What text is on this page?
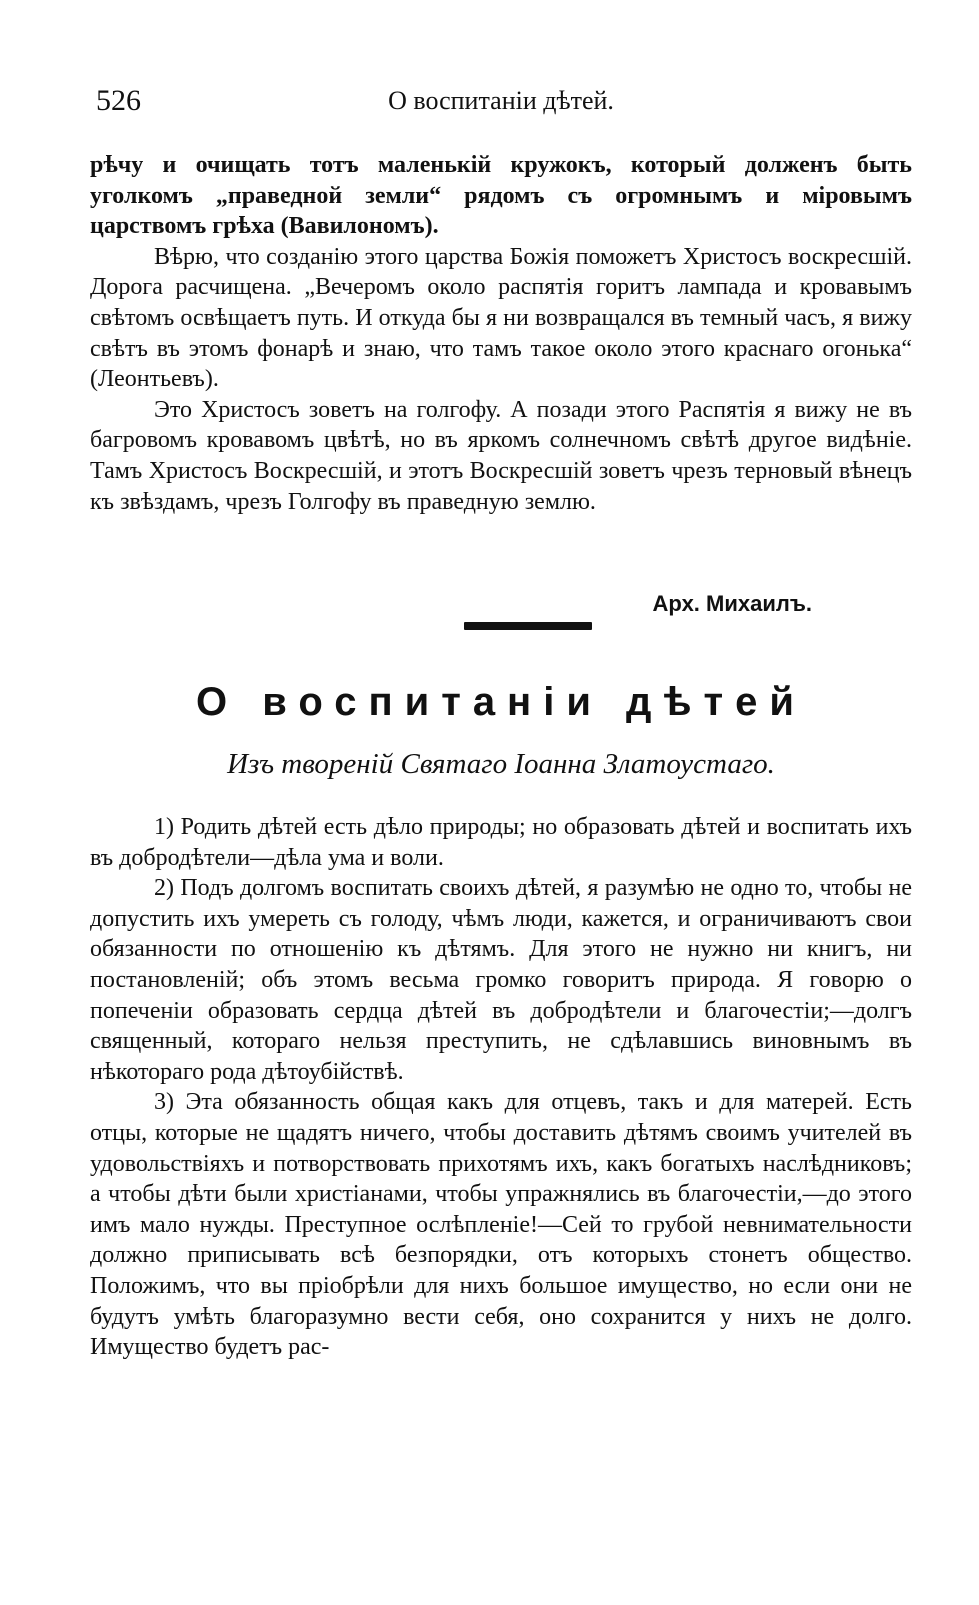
526	О воспитанiи дѣтей.

рѣчу и очищать тотъ маленькiй кружокъ, который долженъ быть уголкомъ „праведной земли“ рядомъ съ огромнымъ и мiровымъ царствомъ грѣха (Вавилономъ).

Вѣрю, что созданiю этого царства Божiя поможетъ Христосъ воскресшiй. Дорога расчищена. „Вечеромъ около распятiя горитъ лампада и кровавымъ свѣтомъ освѣщаетъ путь. И откуда бы я ни возвращался въ темный часъ, я вижу свѣтъ въ этомъ фонарѣ и знаю, что тамъ такое около этого краснаго огонька“ (Леонтьевъ).

Это Христосъ зоветъ на голгофу. А позади этого Распятiя я вижу не въ багровомъ кровавомъ цвѣтѣ, но въ яркомъ солнечномъ свѣтѣ другое видѣнiе. Тамъ Христосъ Воскресшiй, и этотъ Воскресшiй зоветъ чрезъ терновый вѣнецъ къ звѣздамъ, чрезъ Голгофу въ праведную землю.

Арх. Михаилъ.
О воспитанiи дѣтей
Изъ творенiй Святаго Iоанна Златоустаго.

1) Родить дѣтей есть дѣло природы; но образовать дѣтей и воспитать ихъ въ добродѣтели—дѣла ума и воли.

2) Подъ долгомъ воспитать своихъ дѣтей, я разумѣю не одно то, чтобы не допустить ихъ умереть съ голоду, чѣмъ люди, кажется, и ограничиваютъ свои обязанности по отношенiю къ дѣтямъ. Для этого не нужно ни книгъ, ни постановленiй; объ этомъ весьма громко говоритъ природа. Я говорю о попеченiи образовать сердца дѣтей въ добродѣтели и благочестiи;—долгъ священный, котораго нельзя преступить, не сдѣлавшись виновнымъ въ нѣкотораго рода дѣтоубiйствѣ.

3) Эта обязанность общая какъ для отцевъ, такъ и для матерей. Есть отцы, которые не щадятъ ничего, чтобы доставить дѣтямъ своимъ учителей въ удовольствiяхъ и потворствовать прихотямъ ихъ, какъ богатыхъ наслѣдниковъ; а чтобы дѣти были христiанами, чтобы упражнялись въ благочестiи,—до этого имъ мало нужды. Преступное ослѣпленiе!—Сей то грубой невнимательности должно приписывать всѣ безпорядки, отъ которыхъ стонетъ общество. Положимъ, что вы прiобрѣли для нихъ большое имущество, но если они не будутъ умѣть благоразумно вести себя, оно сохранится у нихъ не долго. Имущество будетъ рас-
